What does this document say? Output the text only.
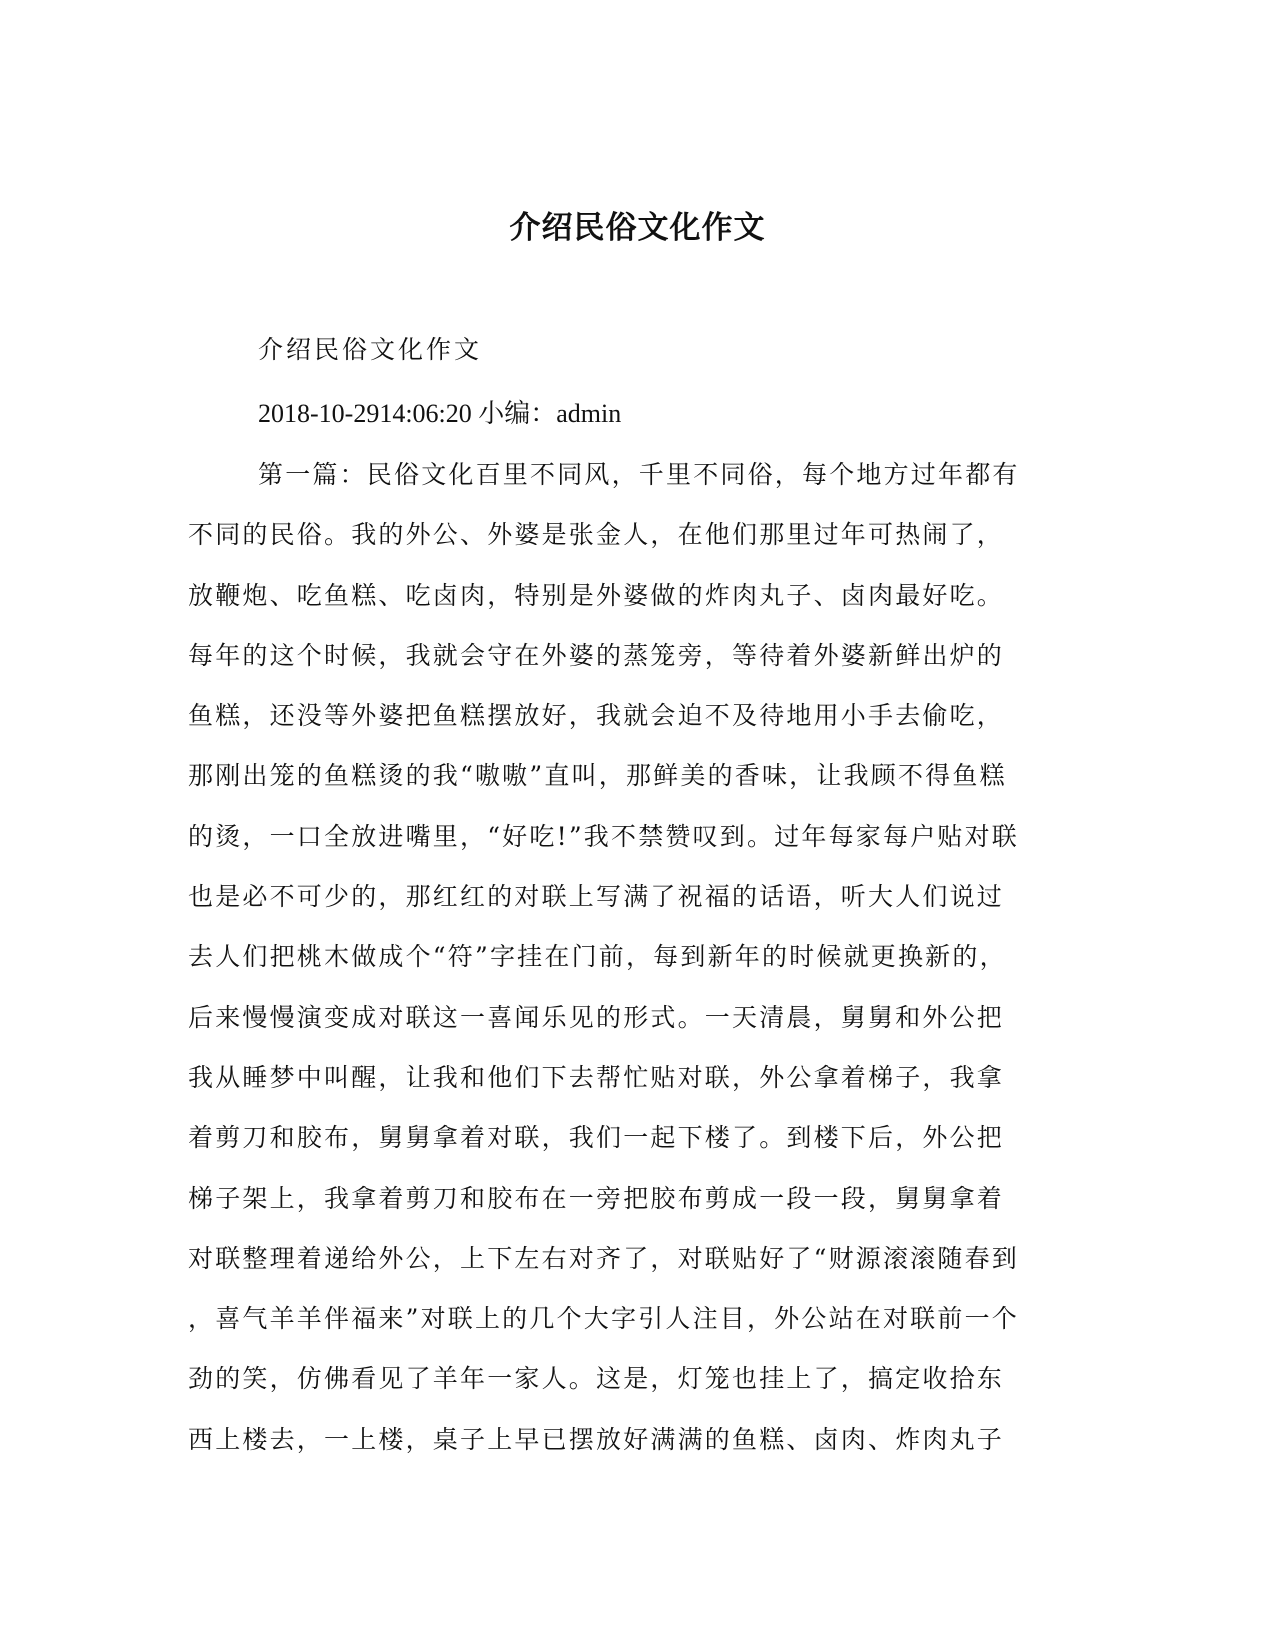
介绍民俗文化作文

介绍民俗文化作文

2018-10-2914:06:20 小编：admin

第一篇：民俗文化百里不同风，千里不同俗，每个地方过年都有
不同的民俗。我的外公、外婆是张金人，在他们那里过年可热闹了，
放鞭炮、吃鱼糕、吃卤肉，特别是外婆做的炸肉丸子、卤肉最好吃。
每年的这个时候，我就会守在外婆的蒸笼旁，等待着外婆新鲜出炉的
鱼糕，还没等外婆把鱼糕摆放好，我就会迫不及待地用小手去偷吃，
那刚出笼的鱼糕烫的我“嗷嗷”直叫，那鲜美的香味，让我顾不得鱼糕
的烫，一口全放进嘴里，“好吃!”我不禁赞叹到。过年每家每户贴对联
也是必不可少的，那红红的对联上写满了祝福的话语，听大人们说过
去人们把桃木做成个“符”字挂在门前，每到新年的时候就更换新的，
后来慢慢演变成对联这一喜闻乐见的形式。一天清晨，舅舅和外公把
我从睡梦中叫醒，让我和他们下去帮忙贴对联，外公拿着梯子，我拿
着剪刀和胶布，舅舅拿着对联，我们一起下楼了。到楼下后，外公把
梯子架上，我拿着剪刀和胶布在一旁把胶布剪成一段一段，舅舅拿着
对联整理着递给外公，上下左右对齐了，对联贴好了“财源滚滚随春到
，喜气羊羊伴福来”对联上的几个大字引人注目，外公站在对联前一个
劲的笑，仿佛看见了羊年一家人。这是，灯笼也挂上了，搞定收拾东
西上楼去，一上楼，桌子上早已摆放好满满的鱼糕、卤肉、炸肉丸子
